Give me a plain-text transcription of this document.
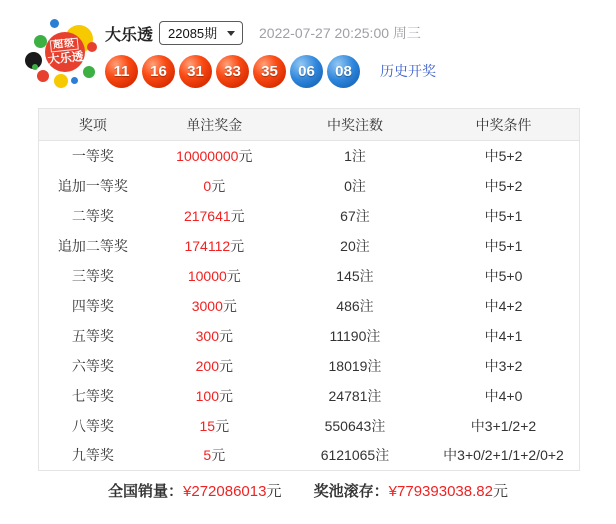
超级
大乐透
大乐透
22085期	2022-07-27 20:25:00 周三
11	16	31	33	35	06	08	历史开奖
奖项	单注奖金	中奖注数	中奖条件
一等奖	10000000元	1注	中5+2
追加一等奖	0元	0注	中5+2
二等奖	217641元	67注	中5+1
追加二等奖	174112元	20注	中5+1
三等奖	10000元	145注	中5+0
四等奖	3000元	486注	中4+2
五等奖	300元	11190注	中4+1
六等奖	200元	18019注	中3+2
七等奖	100元	24781注	中4+0
八等奖	15元	550643注	中3+1/2+2
九等奖	5元	6121065注	中3+0/2+1/1+2/0+2
全国销量：¥272086013元 奖池滚存：¥779393038.82元
